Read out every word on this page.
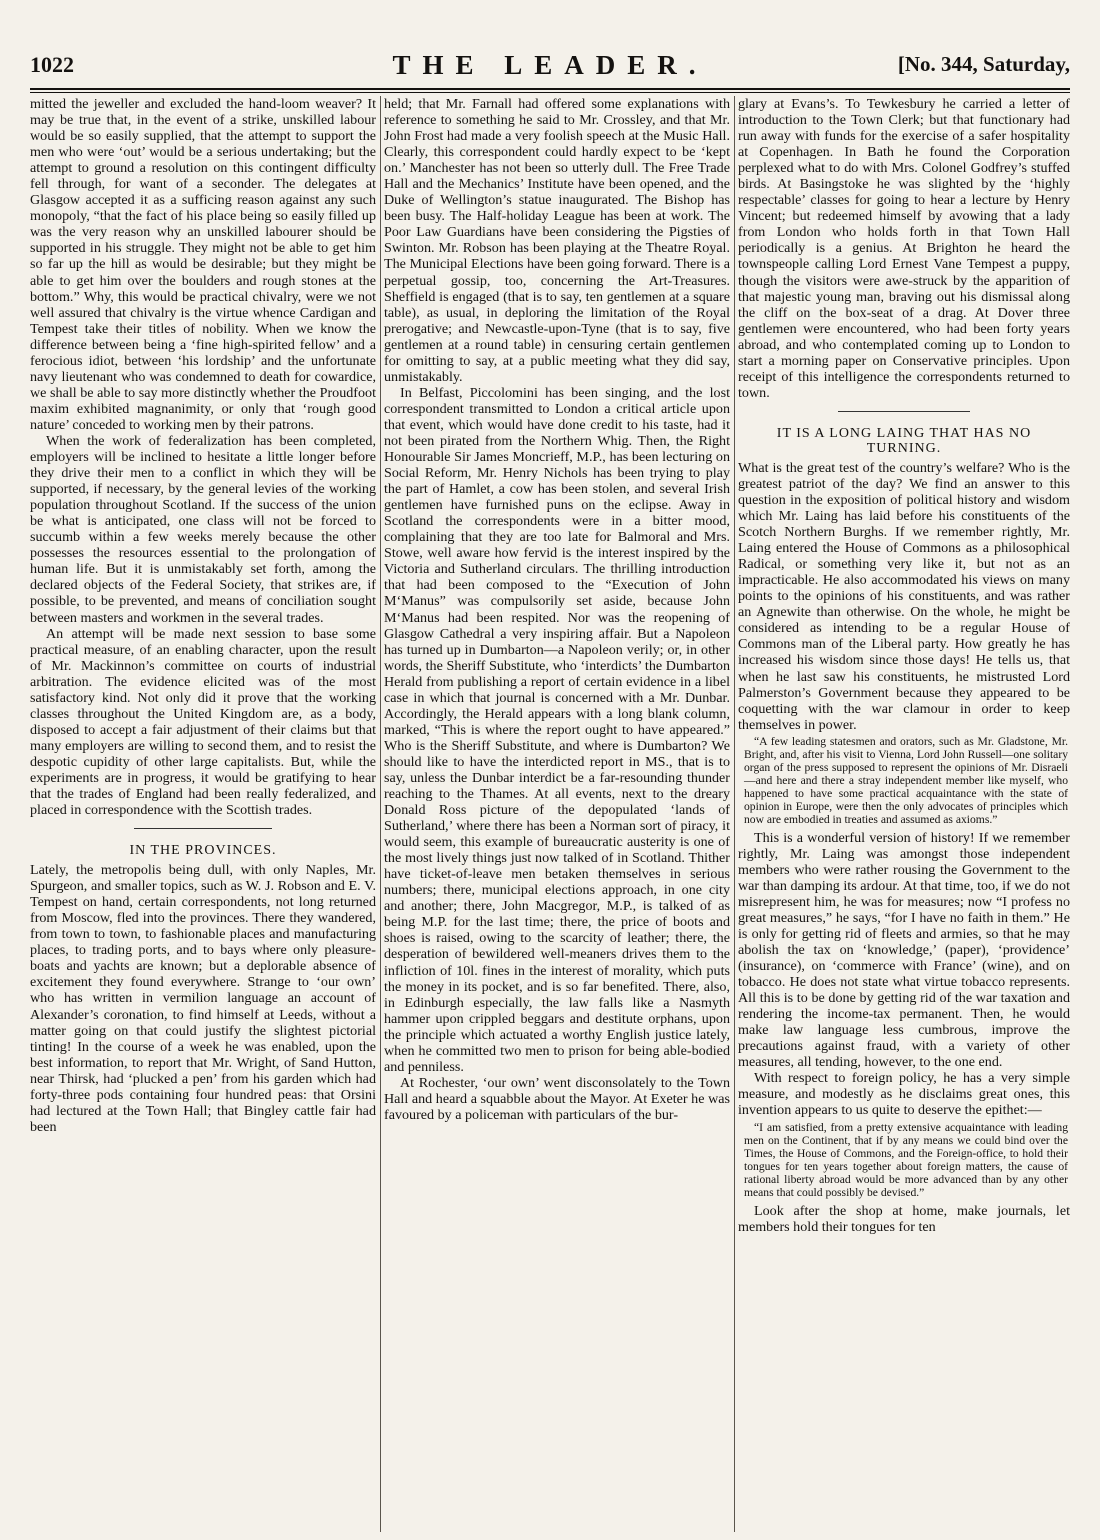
1022	THE LEADER.	[No. 344, Saturday,

mitted the jeweller and excluded the hand-loom weaver? It may be true that, in the event of a strike, unskilled labour would be so easily supplied, that the attempt to support the men who were ‘out’ would be a serious undertaking; but the attempt to ground a resolution on this contingent difficulty fell through, for want of a seconder. The delegates at Glasgow accepted it as a sufficing reason against any such monopoly, “that the fact of his place being so easily filled up was the very reason why an unskilled labourer should be supported in his struggle. They might not be able to get him so far up the hill as would be desirable; but they might be able to get him over the boulders and rough stones at the bottom.” Why, this would be practical chivalry, were we not well assured that chivalry is the virtue whence Cardigan and Tempest take their titles of nobility. When we know the difference between being a ‘fine high-spirited fellow’ and a ferocious idiot, between ‘his lordship’ and the unfortunate navy lieutenant who was condemned to death for cowardice, we shall be able to say more distinctly whether the Proudfoot maxim exhibited magnanimity, or only that ‘rough good nature’ conceded to working men by their patrons.

When the work of federalization has been completed, employers will be inclined to hesitate a little longer before they drive their men to a conflict in which they will be supported, if necessary, by the general levies of the working population throughout Scotland. If the success of the union be what is anticipated, one class will not be forced to succumb within a few weeks merely because the other possesses the resources essential to the prolongation of human life. But it is unmistakably set forth, among the declared objects of the Federal Society, that strikes are, if possible, to be prevented, and means of conciliation sought between masters and workmen in the several trades.

An attempt will be made next session to base some practical measure, of an enabling character, upon the result of Mr. Mackinnon’s committee on courts of industrial arbitration. The evidence elicited was of the most satisfactory kind. Not only did it prove that the working classes throughout the United Kingdom are, as a body, disposed to accept a fair adjustment of their claims but that many employers are willing to second them, and to resist the despotic cupidity of other large capitalists. But, while the experiments are in progress, it would be gratifying to hear that the trades of England had been really federalized, and placed in correspondence with the Scottish trades.

IN THE PROVINCES.

Lately, the metropolis being dull, with only Naples, Mr. Spurgeon, and smaller topics, such as W. J. Robson and E. V. Tempest on hand, certain correspondents, not long returned from Moscow, fled into the provinces. There they wandered, from town to town, to fashionable places and manufacturing places, to trading ports, and to bays where only pleasure-boats and yachts are known; but a deplorable absence of excitement they found everywhere. Strange to ‘our own’ who has written in vermilion language an account of Alexander’s coronation, to find himself at Leeds, without a matter going on that could justify the slightest pictorial tinting! In the course of a week he was enabled, upon the best information, to report that Mr. Wright, of Sand Hutton, near Thirsk, had ‘plucked a pen’ from his garden which had forty-three pods containing four hundred peas: that Orsini had lectured at the Town Hall; that Bingley cattle fair had been

held; that Mr. Farnall had offered some explanations with reference to something he said to Mr. Crossley, and that Mr. John Frost had made a very foolish speech at the Music Hall. Clearly, this correspondent could hardly expect to be ‘kept on.’ Manchester has not been so utterly dull. The Free Trade Hall and the Mechanics’ Institute have been opened, and the Duke of Wellington’s statue inaugurated. The Bishop has been busy. The Half-holiday League has been at work. The Poor Law Guardians have been considering the Pigsties of Swinton. Mr. Robson has been playing at the Theatre Royal. The Municipal Elections have been going forward. There is a perpetual gossip, too, concerning the Art-Treasures. Sheffield is engaged (that is to say, ten gentlemen at a square table), as usual, in deploring the limitation of the Royal prerogative; and Newcastle-upon-Tyne (that is to say, five gentlemen at a round table) in censuring certain gentlemen for omitting to say, at a public meeting what they did say, unmistakably.

In Belfast, Piccolomini has been singing, and the lost correspondent transmitted to London a critical article upon that event, which would have done credit to his taste, had it not been pirated from the Northern Whig. Then, the Right Honourable Sir James Moncrieff, M.P., has been lecturing on Social Reform, Mr. Henry Nichols has been trying to play the part of Hamlet, a cow has been stolen, and several Irish gentlemen have furnished puns on the eclipse. Away in Scotland the correspondents were in a bitter mood, complaining that they are too late for Balmoral and Mrs. Stowe, well aware how fervid is the interest inspired by the Victoria and Sutherland circulars. The thrilling introduction that had been composed to the “Execution of John M‘Manus” was compulsorily set aside, because John M‘Manus had been respited. Nor was the reopening of Glasgow Cathedral a very inspiring affair. But a Napoleon has turned up in Dumbarton—a Napoleon verily; or, in other words, the Sheriff Substitute, who ‘interdicts’ the Dumbarton Herald from publishing a report of certain evidence in a libel case in which that journal is concerned with a Mr. Dunbar. Accordingly, the Herald appears with a long blank column, marked, “This is where the report ought to have appeared.” Who is the Sheriff Substitute, and where is Dumbarton? We should like to have the interdicted report in MS., that is to say, unless the Dunbar interdict be a far-resounding thunder reaching to the Thames. At all events, next to the dreary Donald Ross picture of the depopulated ‘lands of Sutherland,’ where there has been a Norman sort of piracy, it would seem, this example of bureaucratic austerity is one of the most lively things just now talked of in Scotland. Thither have ticket-of-leave men betaken themselves in serious numbers; there, municipal elections approach, in one city and another; there, John Macgregor, M.P., is talked of as being M.P. for the last time; there, the price of boots and shoes is raised, owing to the scarcity of leather; there, the desperation of bewildered well-meaners drives them to the infliction of 10l. fines in the interest of morality, which puts the money in its pocket, and is so far benefited. There, also, in Edinburgh especially, the law falls like a Nasmyth hammer upon crippled beggars and destitute orphans, upon the principle which actuated a worthy English justice lately, when he committed two men to prison for being able-bodied and penniless.

At Rochester, ‘our own’ went disconsolately to the Town Hall and heard a squabble about the Mayor. At Exeter he was favoured by a policeman with particulars of the bur-

glary at Evans’s. To Tewkesbury he carried a letter of introduction to the Town Clerk; but that functionary had run away with funds for the exercise of a safer hospitality at Copenhagen. In Bath he found the Corporation perplexed what to do with Mrs. Colonel Godfrey’s stuffed birds. At Basingstoke he was slighted by the ‘highly respectable’ classes for going to hear a lecture by Henry Vincent; but redeemed himself by avowing that a lady from London who holds forth in that Town Hall periodically is a genius. At Brighton he heard the townspeople calling Lord Ernest Vane Tempest a puppy, though the visitors were awe-struck by the apparition of that majestic young man, braving out his dismissal along the cliff on the box-seat of a drag. At Dover three gentlemen were encountered, who had been forty years abroad, and who contemplated coming up to London to start a morning paper on Conservative principles. Upon receipt of this intelligence the correspondents returned to town.

IT IS A LONG LAING THAT HAS NO TURNING.

What is the great test of the country’s welfare? Who is the greatest patriot of the day? We find an answer to this question in the exposition of political history and wisdom which Mr. Laing has laid before his constituents of the Scotch Northern Burghs. If we remember rightly, Mr. Laing entered the House of Commons as a philosophical Radical, or something very like it, but not as an impracticable. He also accommodated his views on many points to the opinions of his constituents, and was rather an Agnewite than otherwise. On the whole, he might be considered as intending to be a regular House of Commons man of the Liberal party. How greatly he has increased his wisdom since those days! He tells us, that when he last saw his constituents, he mistrusted Lord Palmerston’s Government because they appeared to be coquetting with the war clamour in order to keep themselves in power.

“A few leading statesmen and orators, such as Mr. Gladstone, Mr. Bright, and, after his visit to Vienna, Lord John Russell—one solitary organ of the press supposed to represent the opinions of Mr. Disraeli—and here and there a stray independent member like myself, who happened to have some practical acquaintance with the state of opinion in Europe, were then the only advocates of principles which now are embodied in treaties and assumed as axioms.”

This is a wonderful version of history! If we remember rightly, Mr. Laing was amongst those independent members who were rather rousing the Government to the war than damping its ardour. At that time, too, if we do not misrepresent him, he was for measures; now “I profess no great measures,” he says, “for I have no faith in them.” He is only for getting rid of fleets and armies, so that he may abolish the tax on ‘knowledge,’ (paper), ‘providence’ (insurance), on ‘commerce with France’ (wine), and on tobacco. He does not state what virtue tobacco represents. All this is to be done by getting rid of the war taxation and rendering the income-tax permanent. Then, he would make law language less cumbrous, improve the precautions against fraud, with a variety of other measures, all tending, however, to the one end.

With respect to foreign policy, he has a very simple measure, and modestly as he disclaims great ones, this invention appears to us quite to deserve the epithet:—

“I am satisfied, from a pretty extensive acquaintance with leading men on the Continent, that if by any means we could bind over the Times, the House of Commons, and the Foreign-office, to hold their tongues for ten years together about foreign matters, the cause of rational liberty abroad would be more advanced than by any other means that could possibly be devised.”

Look after the shop at home, make journals, let members hold their tongues for ten
